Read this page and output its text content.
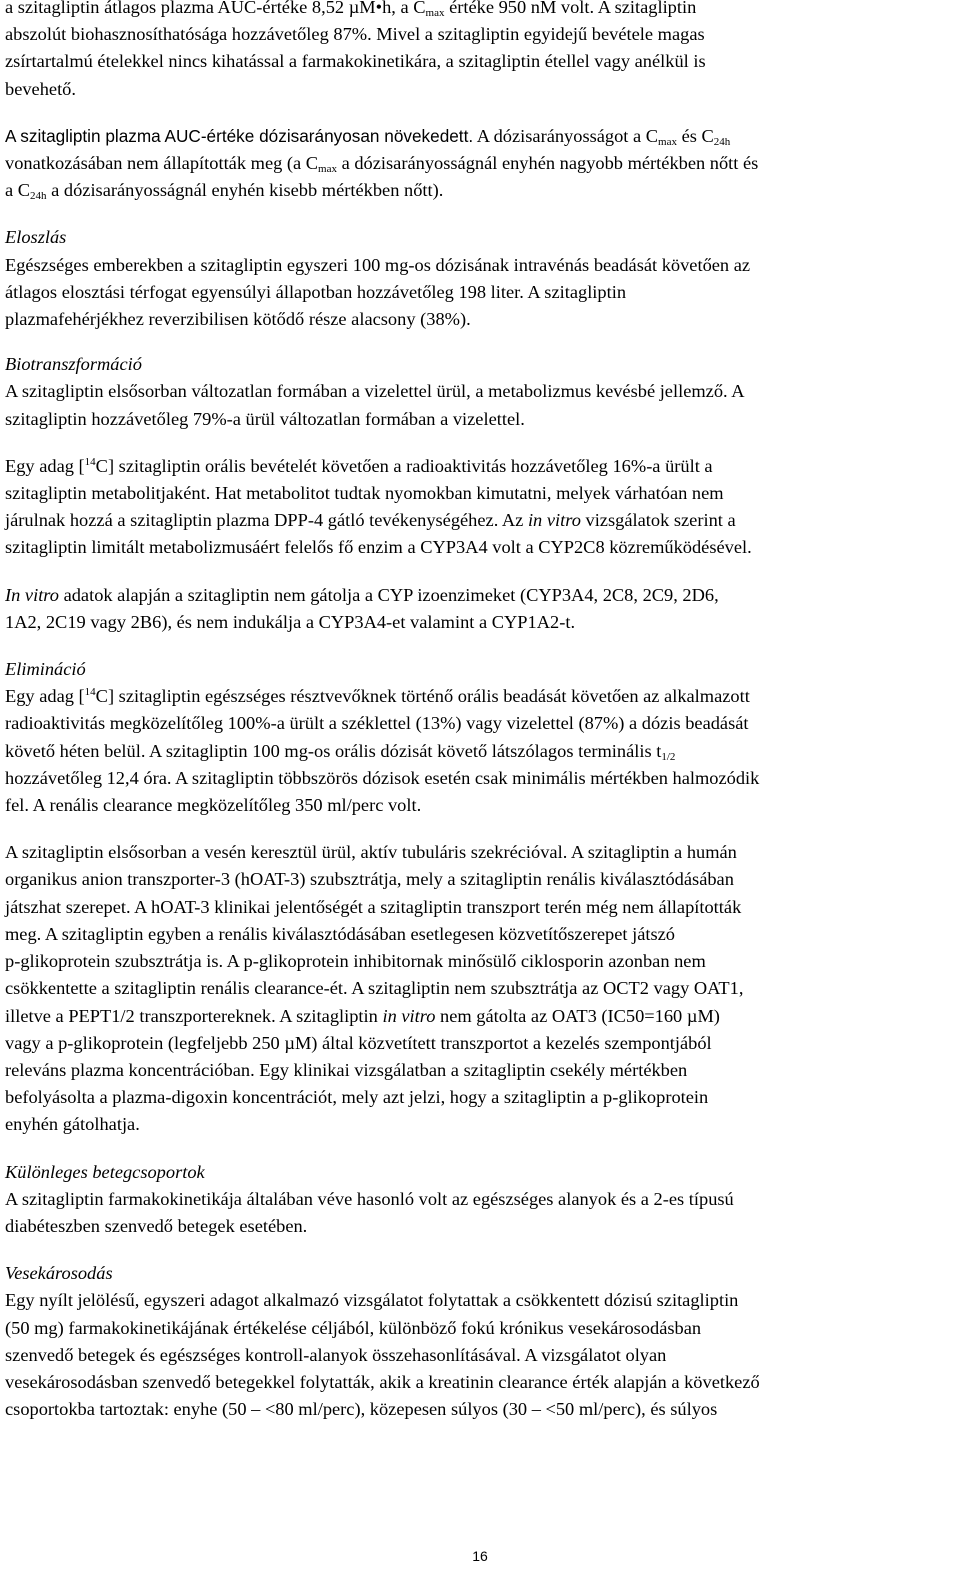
a szitagliptin átlagos plazma AUC-értéke 8,52 µM•h, a $C_{max}$ értéke 950 nM volt. A szitagliptin

abszolút biohasznosíthatósága hozzávetőleg 87%. Mivel a szitagliptin egyidejű bevétele magas

zsírtartalmú ételekkel nincs kihatással a farmakokinetikára, a szitagliptin étellel vagy anélkül is

bevehető.

A szitagliptin plazma AUC-értéke dózisarányosan növekedett. A dózisarányosságot a $C_{max}$ és $C_{24h}$

vonatkozásában nem állapították meg (a $C_{max}$ a dózisarányosságnál enyhén nagyobb mértékben nőtt és

a $C_{24h}$ a dózisarányosságnál enyhén kisebb mértékben nőtt).

Eloszlás

Egészséges emberekben a szitagliptin egyszeri 100 mg-os dózisának intravénás beadását követően az

átlagos elosztási térfogat egyensúlyi állapotban hozzávetőleg 198 liter. A szitagliptin

plazmafehérjékhez reverzibilisen kötődő része alacsony (38%).

Biotranszformáció

A szitagliptin elsősorban változatlan formában a vizelettel ürül, a metabolizmus kevésbé jellemző. A

szitagliptin hozzávetőleg 79%-a ürül változatlan formában a vizelettel.

Egy adag [$^{14}$C] szitagliptin orális bevételét követően a radioaktivitás hozzávetőleg 16%-a ürült a

szitagliptin metabolitjaként. Hat metabolitot tudtak nyomokban kimutatni, melyek várhatóan nem

járulnak hozzá a szitagliptin plazma DPP-4 gátló tevékenységéhez. Az in vitro vizsgálatok szerint a

szitagliptin limitált metabolizmusáért felelős fő enzim a CYP3A4 volt a CYP2C8 közreműködésével.

In vitro adatok alapján a szitagliptin nem gátolja a CYP izoenzimeket (CYP3A4, 2C8, 2C9, 2D6,

1A2, 2C19 vagy 2B6), és nem indukálja a CYP3A4-et valamint a CYP1A2-t.

Elimináció

Egy adag [$^{14}$C] szitagliptin egészséges résztvevőknek történő orális beadását követően az alkalmazott

radioaktivitás megközelítőleg 100%-a ürült a széklettel (13%) vagy vizelettel (87%) a dózis beadását

követő héten belül. A szitagliptin 100 mg-os orális dózisát követő látszólagos terminális $t_{1/2}$

hozzávetőleg 12,4 óra. A szitagliptin többszörös dózisok esetén csak minimális mértékben halmozódik

fel. A renális clearance megközelítőleg 350 ml/perc volt.

A szitagliptin elsősorban a vesén keresztül ürül, aktív tubuláris szekrécióval. A szitagliptin a humán

organikus anion transzporter-3 (hOAT-3) szubsztrátja, mely a szitagliptin renális kiválasztódásában

játszhat szerepet. A hOAT-3 klinikai jelentőségét a szitagliptin transzport terén még nem állapították

meg. A szitagliptin egyben a renális kiválasztódásában esetlegesen közvetítőszerepet játszó

p-glikoprotein szubsztrátja is. A p-glikoprotein inhibitornak minősülő ciklosporin azonban nem

csökkentette a szitagliptin renális clearance-ét. A szitagliptin nem szubsztrátja az OCT2 vagy OAT1,

illetve a PEPT1/2 transzportereknek. A szitagliptin in vitro nem gátolta az OAT3 (IC50=160 µM)

vagy a p-glikoprotein (legfeljebb 250 µM) által közvetített transzportot a kezelés szempontjából

releváns plazma koncentrációban. Egy klinikai vizsgálatban a szitagliptin csekély mértékben

befolyásolta a plazma-digoxin koncentrációt, mely azt jelzi, hogy a szitagliptin a p-glikoprotein

enyhén gátolhatja.

Különleges betegcsoportok

A szitagliptin farmakokinetikája általában véve hasonló volt az egészséges alanyok és a 2-es típusú

diabéteszben szenvedő betegek esetében.

Vesekárosodás

Egy nyílt jelölésű, egyszeri adagot alkalmazó vizsgálatot folytattak a csökkentett dózisú szitagliptin

(50 mg) farmakokinetikájának értékelése céljából, különböző fokú krónikus vesekárosodásban

szenvedő betegek és egészséges kontroll-alanyok összehasonlításával. A vizsgálatot olyan

vesekárosodásban szenvedő betegekkel folytatták, akik a kreatinin clearance érték alapján a következő

csoportokba tartoztak: enyhe (50 – <80 ml/perc), közepesen súlyos (30 – <50 ml/perc), és súlyos

16
